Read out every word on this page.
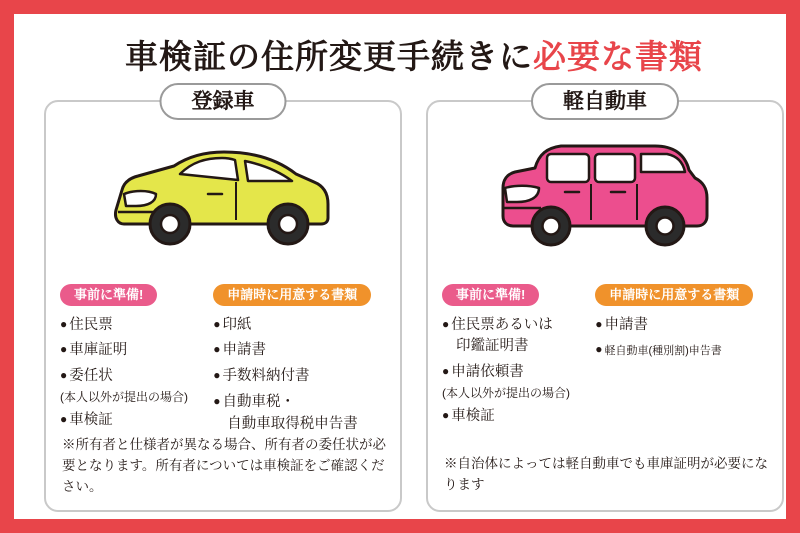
車検証の住所変更手続きに必要な書類
登録車
事前に準備!
● 住民票
● 車庫証明
● 委任状
(本人以外が提出の場合)
● 車検証
申請時に用意する書類
● 印紙
● 申請書
● 手数料納付書
● 自動車税・
自動車取得税申告書
※所有者と仕様者が異なる場合、所有者の委任状が必要となります。所有者については車検証をご確認ください。
軽自動車
事前に準備!
● 住民票あるいは
印鑑証明書
● 申請依頼書
(本人以外が提出の場合)
● 車検証
申請時に用意する書類
● 申請書
● 軽自動車(種別割)申告書
※自治体によっては軽自動車でも車庫証明が必要になります
